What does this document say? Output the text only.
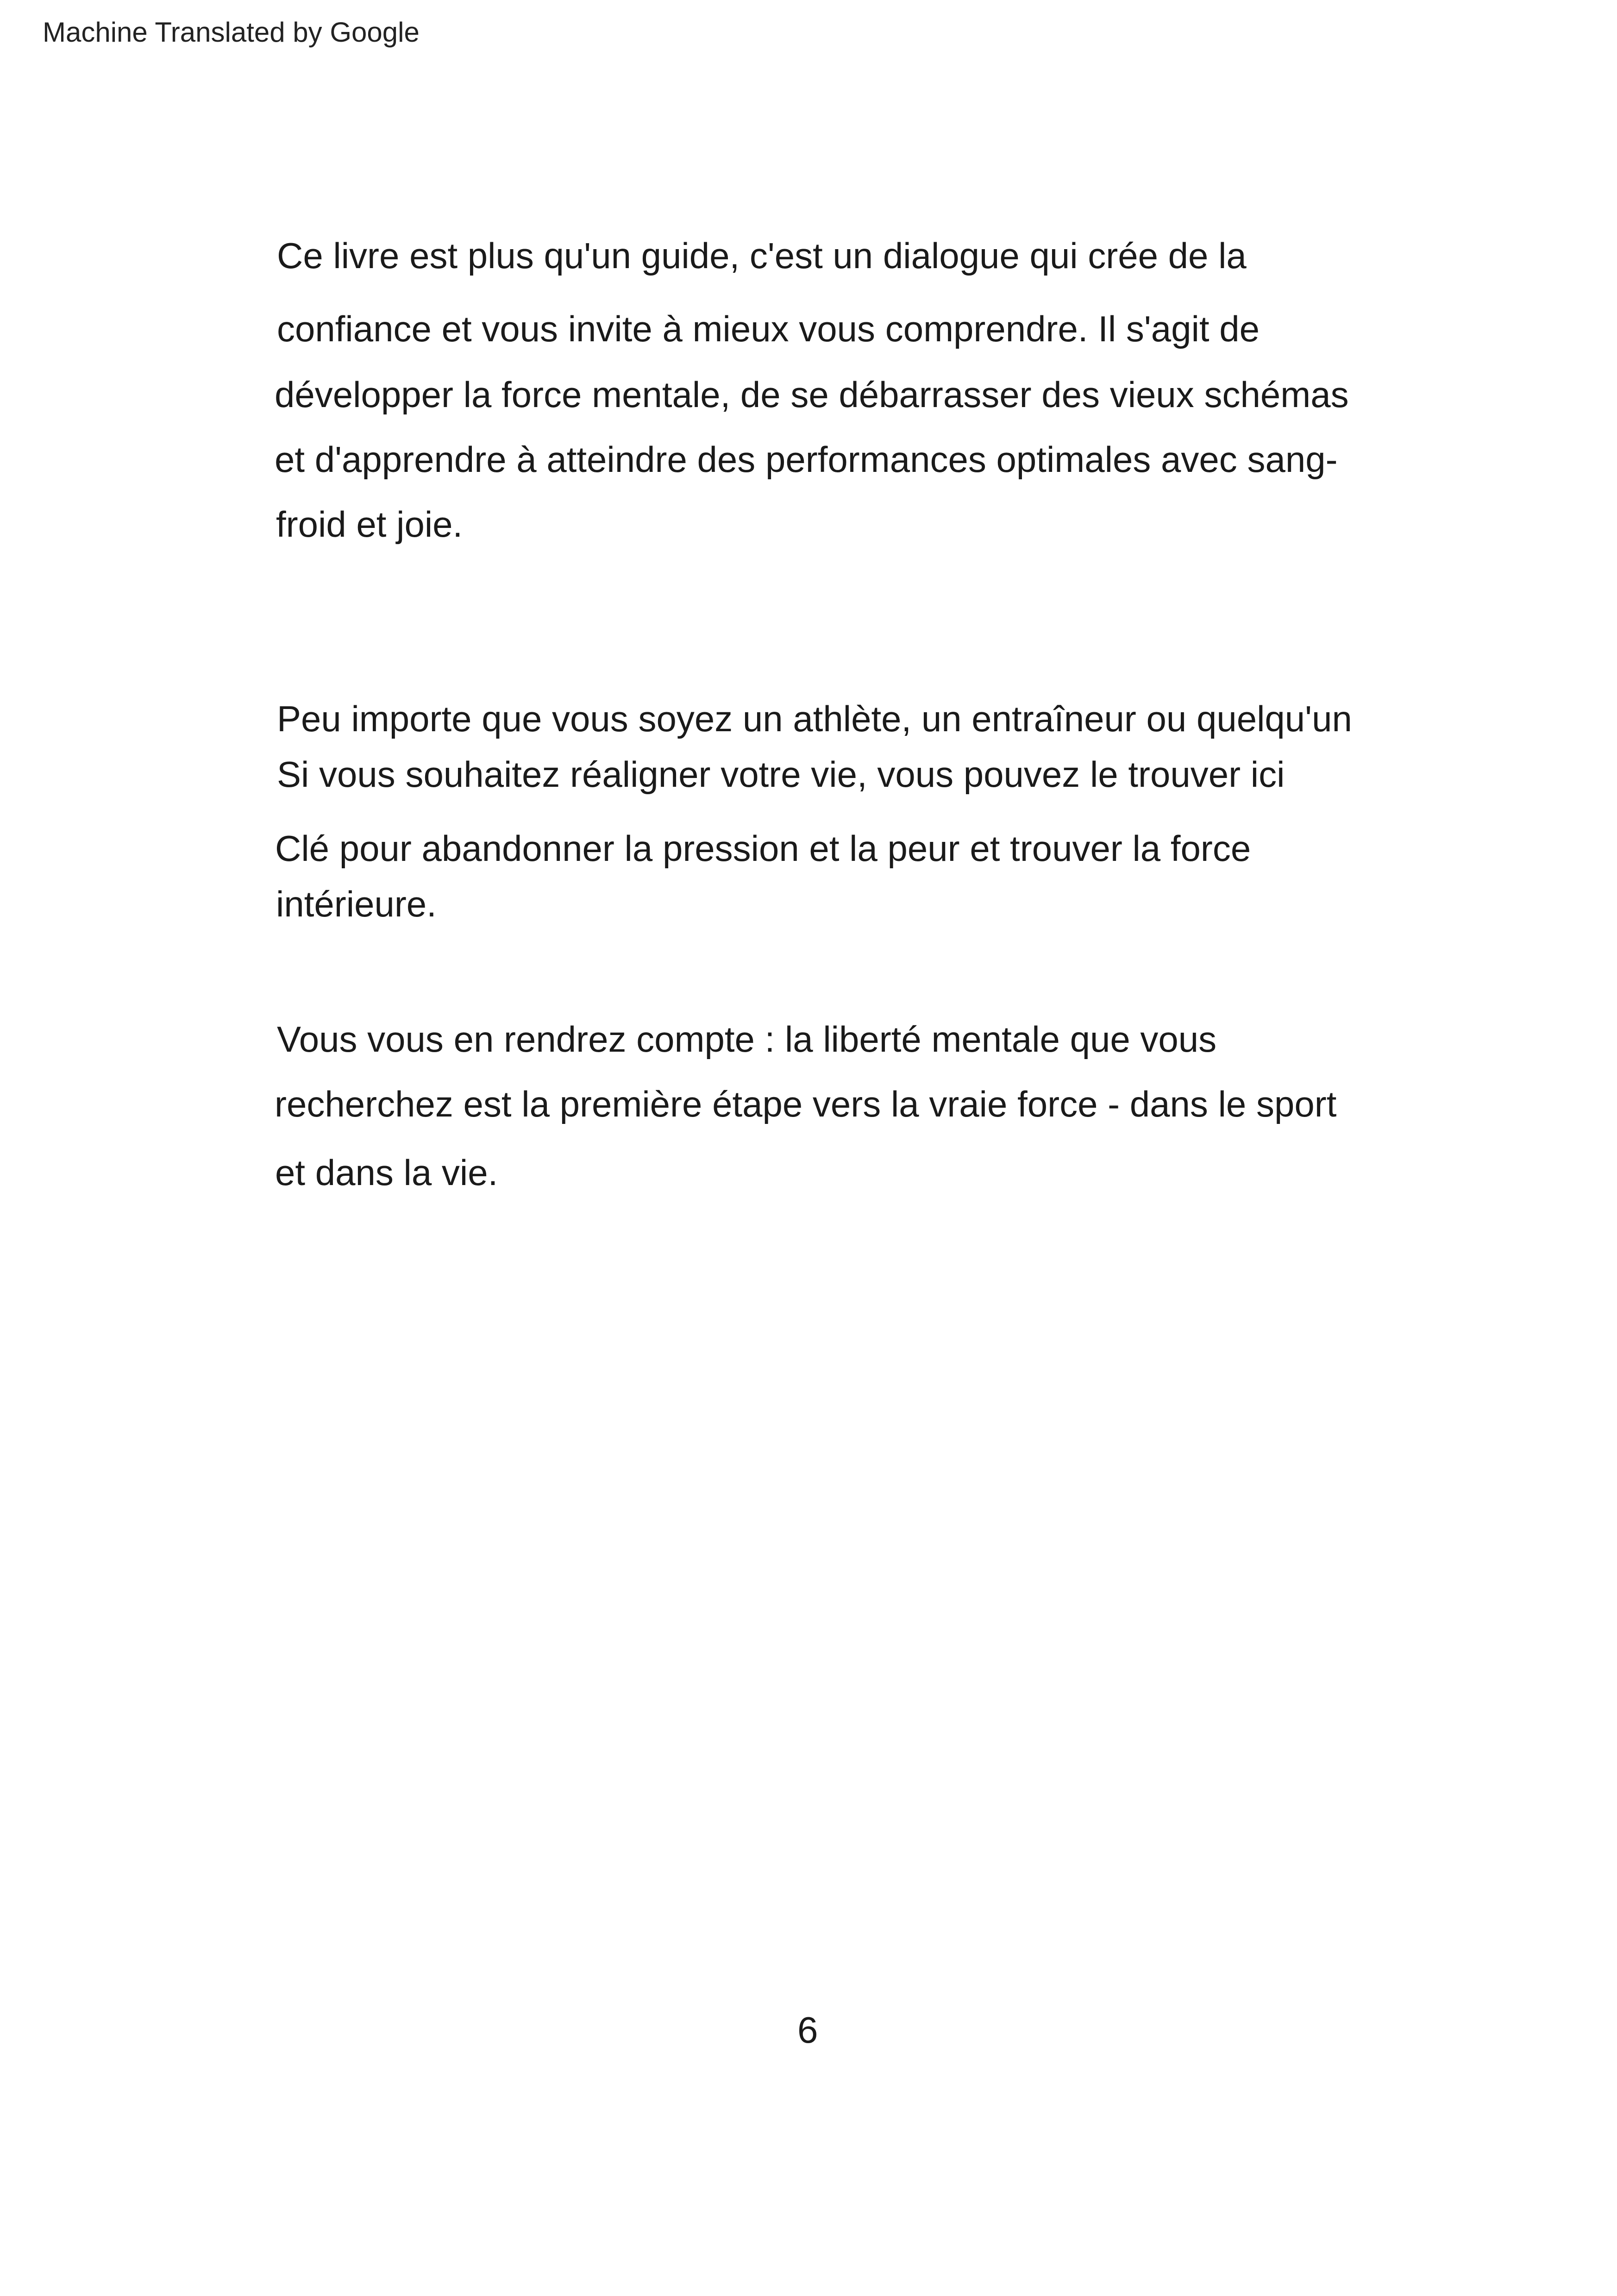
Machine Translated by Google
Ce livre est plus qu'un guide, c'est un dialogue qui crée de la
confiance et vous invite à mieux vous comprendre. Il s'agit de
développer la force mentale, de se débarrasser des vieux schémas
et d'apprendre à atteindre des performances optimales avec sang-
froid et joie.
Peu importe que vous soyez un athlète, un entraîneur ou quelqu'un
Si vous souhaitez réaligner votre vie, vous pouvez le trouver ici
Clé pour abandonner la pression et la peur et trouver la force
intérieure.
Vous vous en rendrez compte : la liberté mentale que vous
recherchez est la première étape vers la vraie force - dans le sport
et dans la vie.
6
